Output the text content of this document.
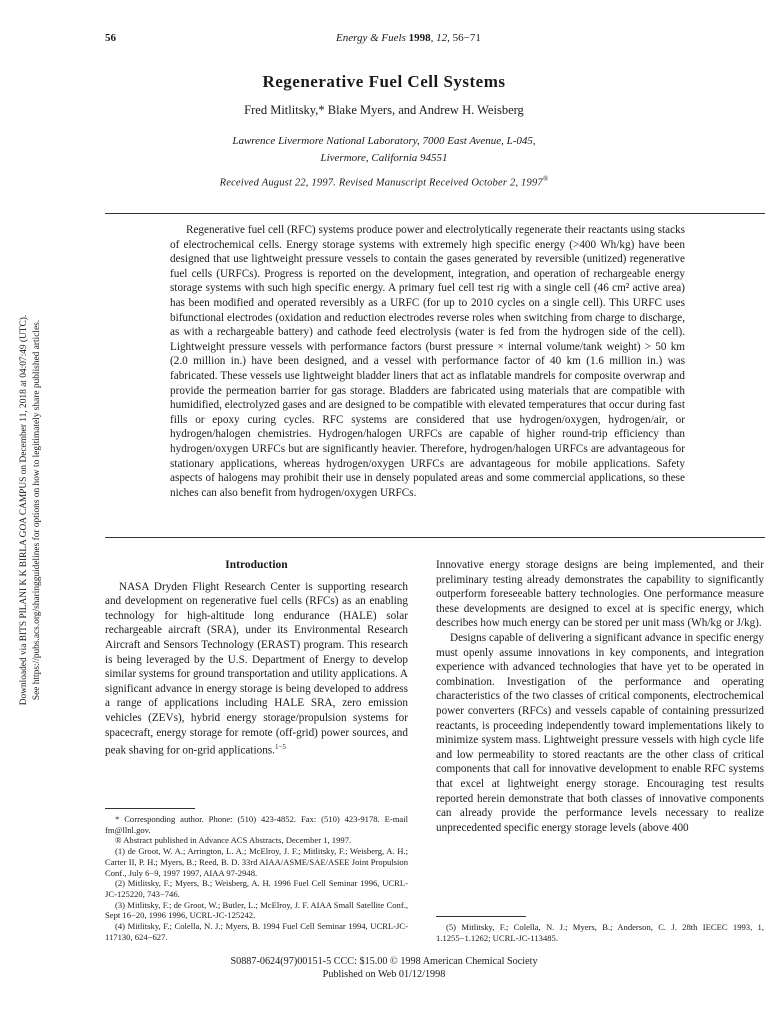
56	Energy & Fuels 1998, 12, 56−71
Regenerative Fuel Cell Systems
Fred Mitlitsky,* Blake Myers, and Andrew H. Weisberg
Lawrence Livermore National Laboratory, 7000 East Avenue, L-045,
Livermore, California 94551
Received August 22, 1997. Revised Manuscript Received October 2, 1997®
Regenerative fuel cell (RFC) systems produce power and electrolytically regenerate their reactants using stacks of electrochemical cells. Energy storage systems with extremely high specific energy (>400 Wh/kg) have been designed that use lightweight pressure vessels to contain the gases generated by reversible (unitized) regenerative fuel cells (URFCs). Progress is reported on the development, integration, and operation of rechargeable energy storage systems with such high specific energy. A primary fuel cell test rig with a single cell (46 cm² active area) has been modified and operated reversibly as a URFC (for up to 2010 cycles on a single cell). This URFC uses bifunctional electrodes (oxidation and reduction electrodes reverse roles when switching from charge to discharge, as with a rechargeable battery) and cathode feed electrolysis (water is fed from the hydrogen side of the cell). Lightweight pressure vessels with performance factors (burst pressure × internal volume/tank weight) > 50 km (2.0 million in.) have been designed, and a vessel with performance factor of 40 km (1.6 million in.) was fabricated. These vessels use lightweight bladder liners that act as inflatable mandrels for composite overwrap and provide the permeation barrier for gas storage. Bladders are fabricated using materials that are compatible with humidified, electrolyzed gases and are designed to be compatible with elevated temperatures that occur during fast fills or epoxy curing cycles. RFC systems are considered that use hydrogen/oxygen, hydrogen/air, or hydrogen/halogen chemistries. Hydrogen/halogen URFCs are capable of higher round-trip efficiency than hydrogen/oxygen URFCs but are significantly heavier. Therefore, hydrogen/halogen URFCs are advantageous for stationary applications, whereas hydrogen/oxygen URFCs are advantageous for mobile applications. Safety aspects of halogens may prohibit their use in densely populated areas and some commercial applications, so these niches can also benefit from hydrogen/oxygen URFCs.
Introduction

NASA Dryden Flight Research Center is supporting research and development on regenerative fuel cells (RFCs) as an enabling technology for high-altitude long endurance (HALE) solar rechargeable aircraft (SRA), under its Environmental Research Aircraft and Sensors Technology (ERAST) program. This research is being leveraged by the U.S. Department of Energy to develop similar systems for ground transportation and utility applications. A significant advance in energy storage is being developed to address a range of applications including HALE SRA, zero emission vehicles (ZEVs), hybrid energy storage/propulsion systems for spacecraft, energy storage for remote (off-grid) power sources, and peak shaving for on-grid applications.$^{1-5}$

Innovative energy storage designs are being implemented, and their preliminary testing already demonstrates the capability to significantly outperform foreseeable battery technologies. One performance measure these developments are designed to excel at is specific energy, which describes how much energy can be stored per unit mass (Wh/kg or J/kg).

Designs capable of delivering a significant advance in specific energy must openly assume innovations in key components, and integration experience with advanced technologies that have yet to be operated in combination. Investigation of the performance and operating characteristics of the two classes of critical components, electrochemical power converters (RFCs) and vessels capable of containing pressurized reactants, is proceeding independently toward implementations likely to minimize system mass. Lightweight pressure vessels with high cycle life and low permeability to stored reactants are the other class of critical components that call for innovative development to enable RFC systems that excel at lightweight energy storage. Encouraging test results reported herein demonstrate that both classes of innovative components can already provide the performance levels necessary to realize unprecedented specific energy storage levels (above 400

* Corresponding author. Phone: (510) 423-4852. Fax: (510) 423-9178. E-mail fm@llnl.gov.

® Abstract published in Advance ACS Abstracts, December 1, 1997.

(1) de Groot, W. A.; Arrington, L. A.; McElroy, J. F.; Mitlitsky, F.; Weisberg, A. H.; Carter II, P. H.; Myers, B.; Reed, B. D. 33rd AIAA/ASME/SAE/ASEE Joint Propulsion Conf., July 6−9, 1997 1997, AIAA 97-2948.

(2) Mitlitsky, F.; Myers, B.; Weisberg, A. H. 1996 Fuel Cell Seminar 1996, UCRL-JC-125220, 743−746.

(3) Mitlitsky, F.; de Groot, W.; Butler, L.; McElroy, J. F. AIAA Small Satellite Conf., Sept 16−20, 1996 1996, UCRL-JC-125242.

(4) Mitlitsky, F.; Colella, N. J.; Myers, B. 1994 Fuel Cell Seminar 1994, UCRL-JC-117130, 624−627.

(5) Mitlitsky, F.; Colella, N. J.; Myers, B.; Anderson, C. J. 28th IECEC 1993, 1, 1.1255−1.1262; UCRL-JC-113485.

S0887-0624(97)00151-5 CCC: $15.00 © 1998 American Chemical Society
Published on Web 01/12/1998
Downloaded via BITS PILANI K K BIRLA GOA CAMPUS on December 11, 2018 at 04:07:49 (UTC). See https://pubs.acs.org/sharingguidelines for options on how to legitimately share published articles.
